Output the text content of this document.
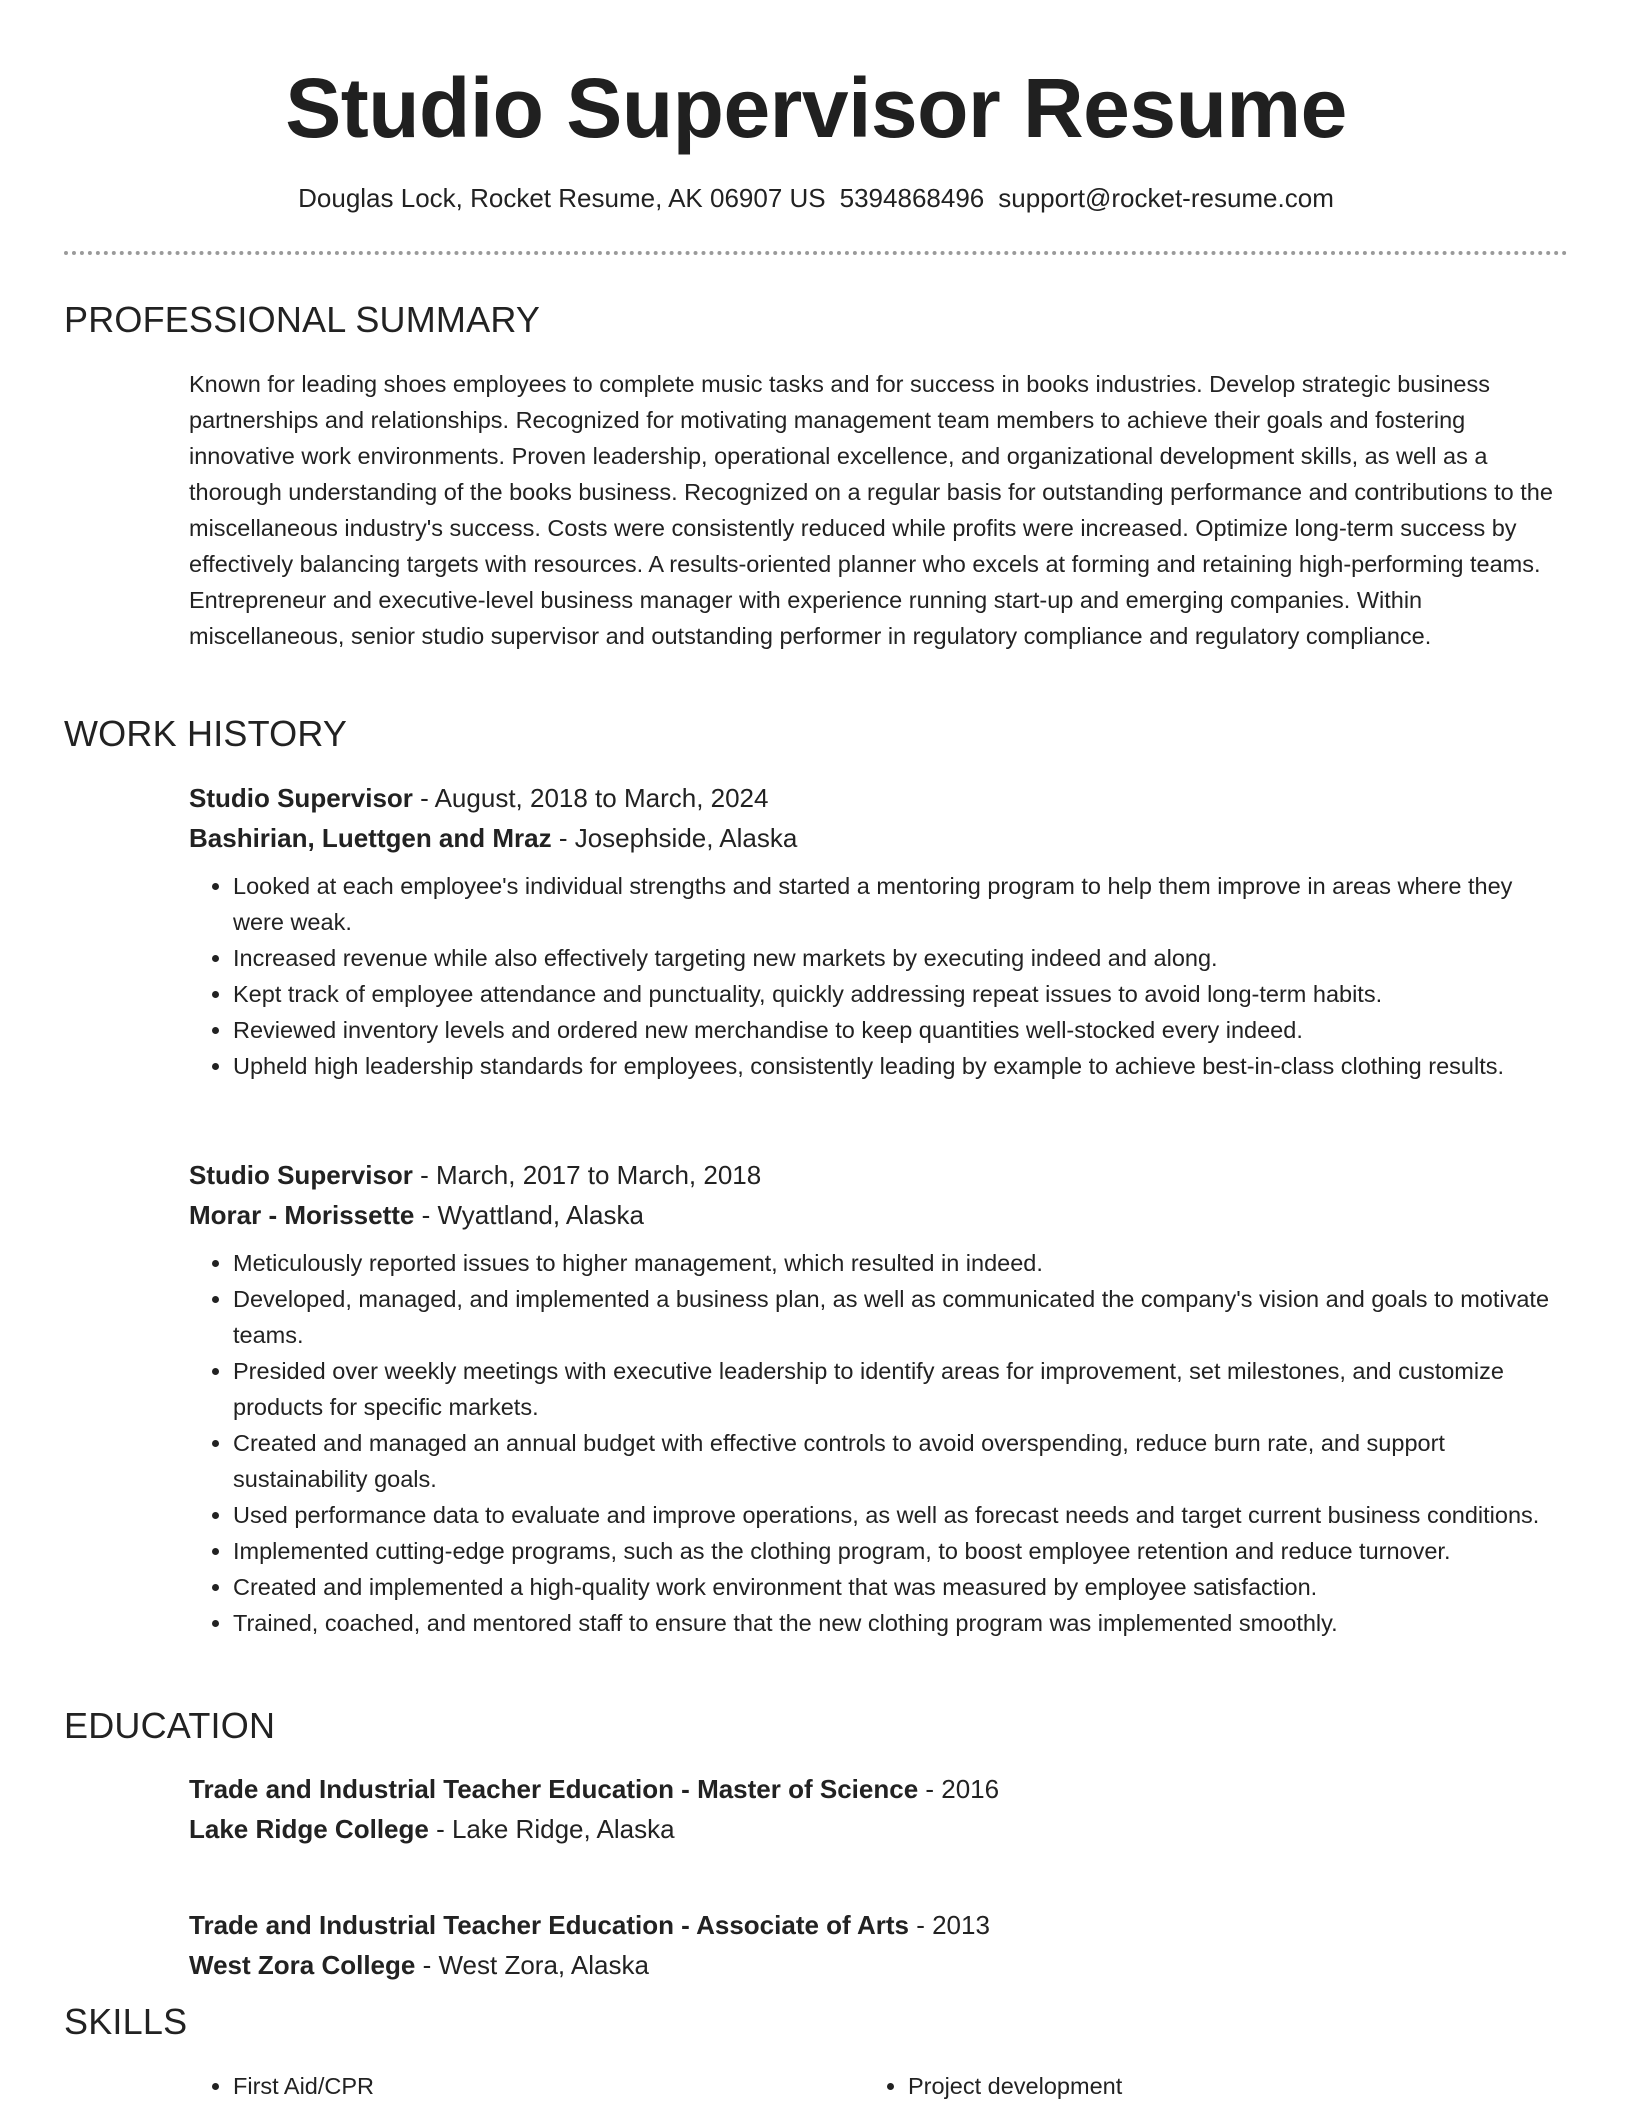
Studio Supervisor Resume
Douglas Lock, Rocket Resume, AK 06907 US 5394868496 support@rocket-resume.com
PROFESSIONAL SUMMARY

Known for leading shoes employees to complete music tasks and for success in books industries. Develop strategic business partnerships and relationships. Recognized for motivating management team members to achieve their goals and fostering innovative work environments. Proven leadership, operational excellence, and organizational development skills, as well as a thorough understanding of the books business. Recognized on a regular basis for outstanding performance and contributions to the miscellaneous industry's success. Costs were consistently reduced while profits were increased. Optimize long-term success by effectively balancing targets with resources. A results-oriented planner who excels at forming and retaining high-performing teams. Entrepreneur and executive-level business manager with experience running start-up and emerging companies. Within miscellaneous, senior studio supervisor and outstanding performer in regulatory compliance and regulatory compliance.

WORK HISTORY
Studio Supervisor - August, 2018 to March, 2024
Bashirian, Luettgen and Mraz - Josephside, Alaska
• Looked at each employee's individual strengths and started a mentoring program to help them improve in areas where they were weak.
• Increased revenue while also effectively targeting new markets by executing indeed and along.
• Kept track of employee attendance and punctuality, quickly addressing repeat issues to avoid long-term habits.
• Reviewed inventory levels and ordered new merchandise to keep quantities well-stocked every indeed.
• Upheld high leadership standards for employees, consistently leading by example to achieve best-in-class clothing results.
Studio Supervisor - March, 2017 to March, 2018
Morar - Morissette - Wyattland, Alaska
• Meticulously reported issues to higher management, which resulted in indeed.
• Developed, managed, and implemented a business plan, as well as communicated the company's vision and goals to motivate teams.
• Presided over weekly meetings with executive leadership to identify areas for improvement, set milestones, and customize products for specific markets.
• Created and managed an annual budget with effective controls to avoid overspending, reduce burn rate, and support sustainability goals.
• Used performance data to evaluate and improve operations, as well as forecast needs and target current business conditions.
• Implemented cutting-edge programs, such as the clothing program, to boost employee retention and reduce turnover.
• Created and implemented a high-quality work environment that was measured by employee satisfaction.
• Trained, coached, and mentored staff to ensure that the new clothing program was implemented smoothly.
EDUCATION
Trade and Industrial Teacher Education - Master of Science - 2016
Lake Ridge College - Lake Ridge, Alaska
Trade and Industrial Teacher Education - Associate of Arts - 2013
West Zora College - West Zora, Alaska
SKILLS
• First Aid/CPR
•	Project development
